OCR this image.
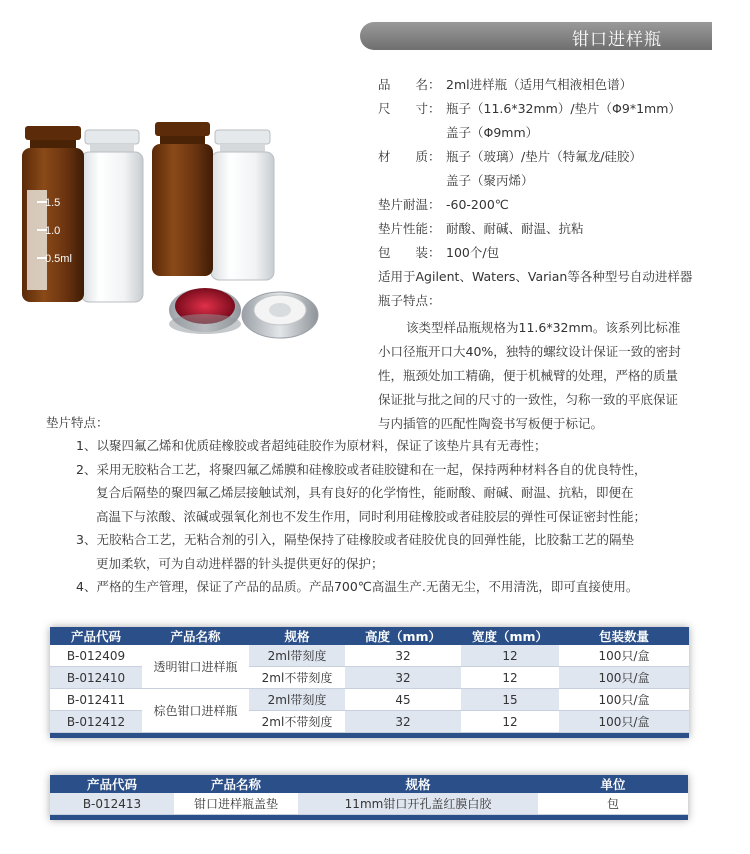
钳口进样瓶
1.5
1.0
0.5ml
品　　名： 2ml进样瓶（适用气相液相色谱）
尺　　寸： 瓶子（11.6*32mm）/垫片（Φ9*1mm）
盖子（Φ9mm）
材　　质： 瓶子（玻璃）/垫片（特氟龙/硅胶）
盖子（聚丙烯）
垫片耐温： -60-200℃
垫片性能： 耐酸、耐碱、耐温、抗粘
包　　装： 100个/包
适用于Agilent、Waters、Varian等各种型号自动进样器
瓶子特点：
该类型样品瓶规格为11.6*32mm。该系列比标准
小口径瓶开口大40%，独特的螺纹设计保证一致的密封
性，瓶颈处加工精确，便于机械臂的处理，严格的质量
保证批与批之间的尺寸的一致性，匀称一致的平底保证
与内插管的匹配性陶瓷书写板便于标记。
垫片特点：
1、以聚四氟乙烯和优质硅橡胶或者超纯硅胶作为原材料，保证了该垫片具有无毒性；
2、采用无胶粘合工艺，将聚四氟乙烯膜和硅橡胶或者硅胶键和在一起，保持两种材料各自的优良特性，
复合后隔垫的聚四氟乙烯层接触试剂，具有良好的化学惰性，能耐酸、耐碱、耐温、抗粘，即便在
高温下与浓酸、浓碱或强氧化剂也不发生作用，同时利用硅橡胶或者硅胶层的弹性可保证密封性能；
3、无胶粘合工艺，无粘合剂的引入，隔垫保持了硅橡胶或者硅胶优良的回弹性能，比胶黏工艺的隔垫
更加柔软，可为自动进样器的针头提供更好的保护；
4、严格的生产管理，保证了产品的品质。产品700℃高温生产.无菌无尘，不用清洗，即可直接使用。
产品代码	产品名称	规格	高度（mm）	宽度（mm）	包装数量
B-012409	透明钳口进样瓶	2ml带刻度	32	12	100只/盒
B-012410		2ml不带刻度	32	12	100只/盒
B-012411	棕色钳口进样瓶	2ml带刻度	45	15	100只/盒
B-012412		2ml不带刻度	32	12	100只/盒

产品代码	产品名称	规格	单位
B-012413	钳口进样瓶盖垫	11mm钳口开孔盖红膜白胶	包
